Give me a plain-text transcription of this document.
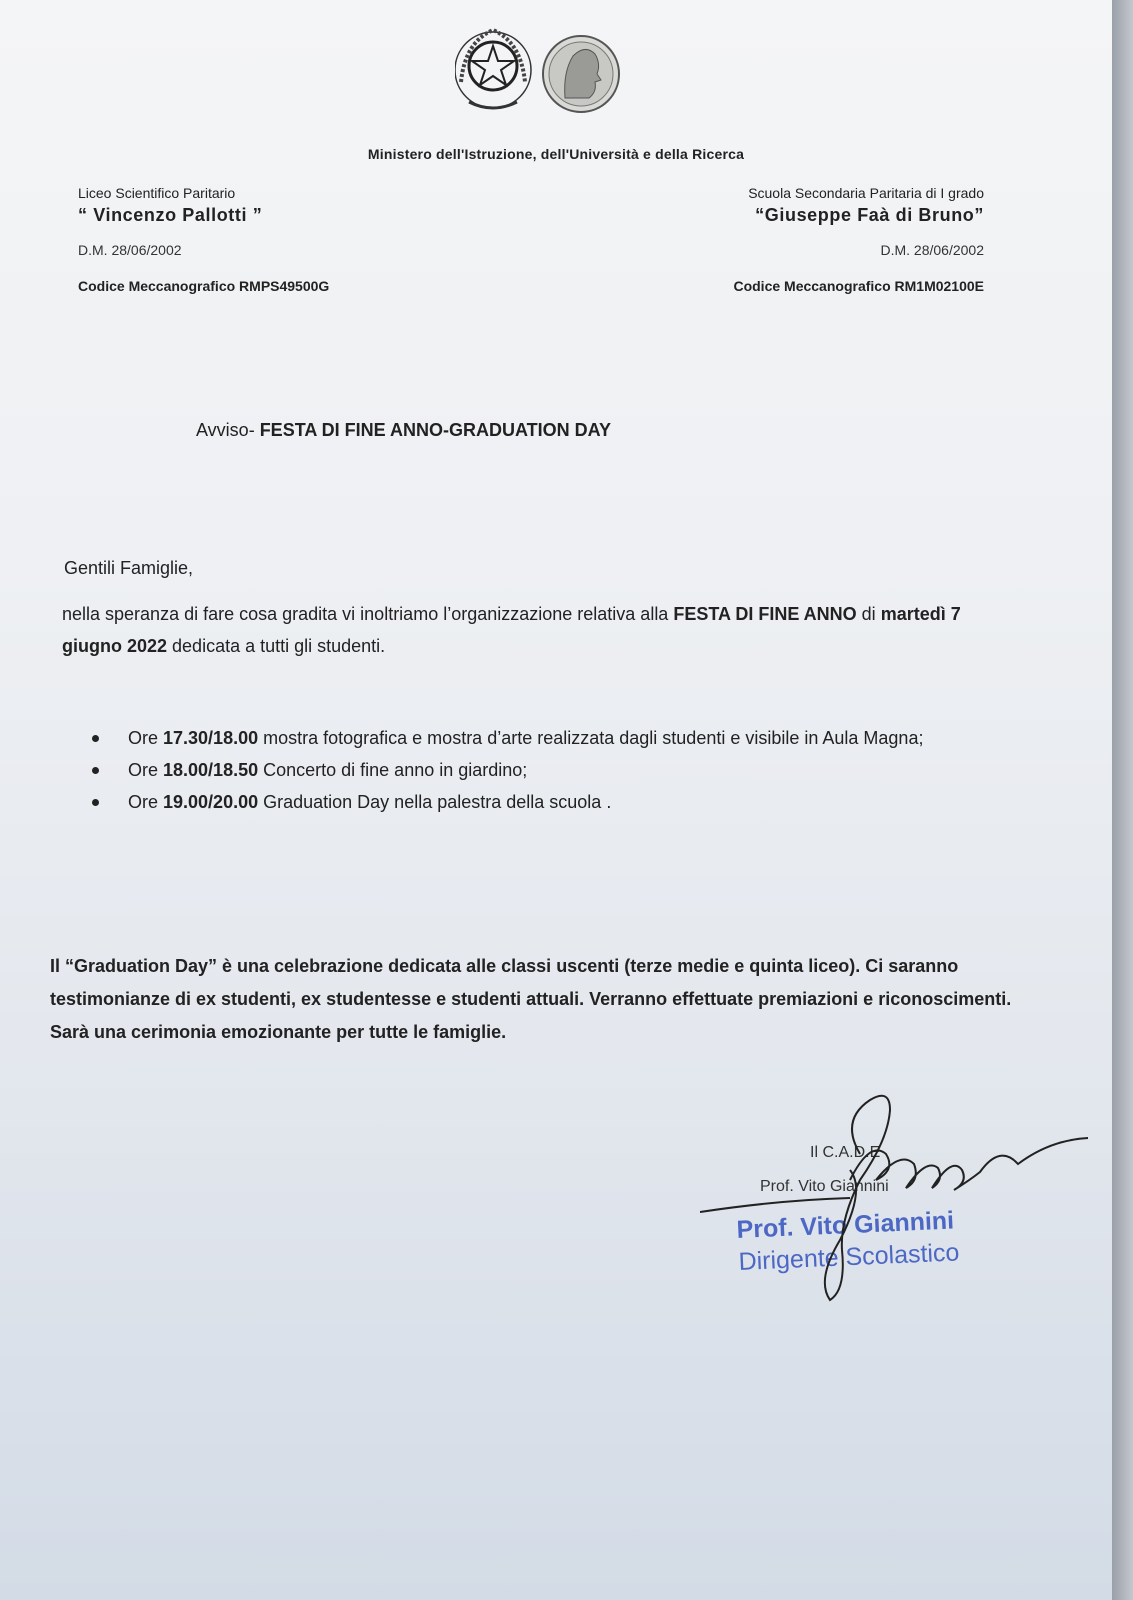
Ministero dell'Istruzione, dell'Università e della Ricerca
Liceo Scientifico Paritario
“ Vincenzo Pallotti ”
D.M. 28/06/2002
Codice Meccanografico RMPS49500G
Scuola Secondaria Paritaria di I grado
“Giuseppe Faà di Bruno”
D.M. 28/06/2002
Codice Meccanografico RM1M02100E
Avviso- FESTA DI FINE ANNO-GRADUATION DAY
Gentili Famiglie,
nella speranza di fare cosa gradita vi inoltriamo l’organizzazione relativa alla FESTA DI FINE ANNO di martedì 7 giugno 2022 dedicata a tutti gli studenti.
Ore 17.30/18.00 mostra fotografica e mostra d’arte realizzata dagli studenti e visibile in Aula Magna;
Ore 18.00/18.50 Concerto di fine anno in giardino;
Ore 19.00/20.00 Graduation Day nella palestra della scuola .
Il “Graduation Day” è una celebrazione dedicata alle classi uscenti (terze medie e quinta liceo). Ci saranno testimonianze di ex studenti, ex studentesse e studenti attuali. Verranno effettuate premiazioni e riconoscimenti. Sarà una cerimonia emozionante per tutte le famiglie.
Il C.A.D.E
Prof. Vito Giannini
Prof. Vito Giannini
Dirigente Scolastico
